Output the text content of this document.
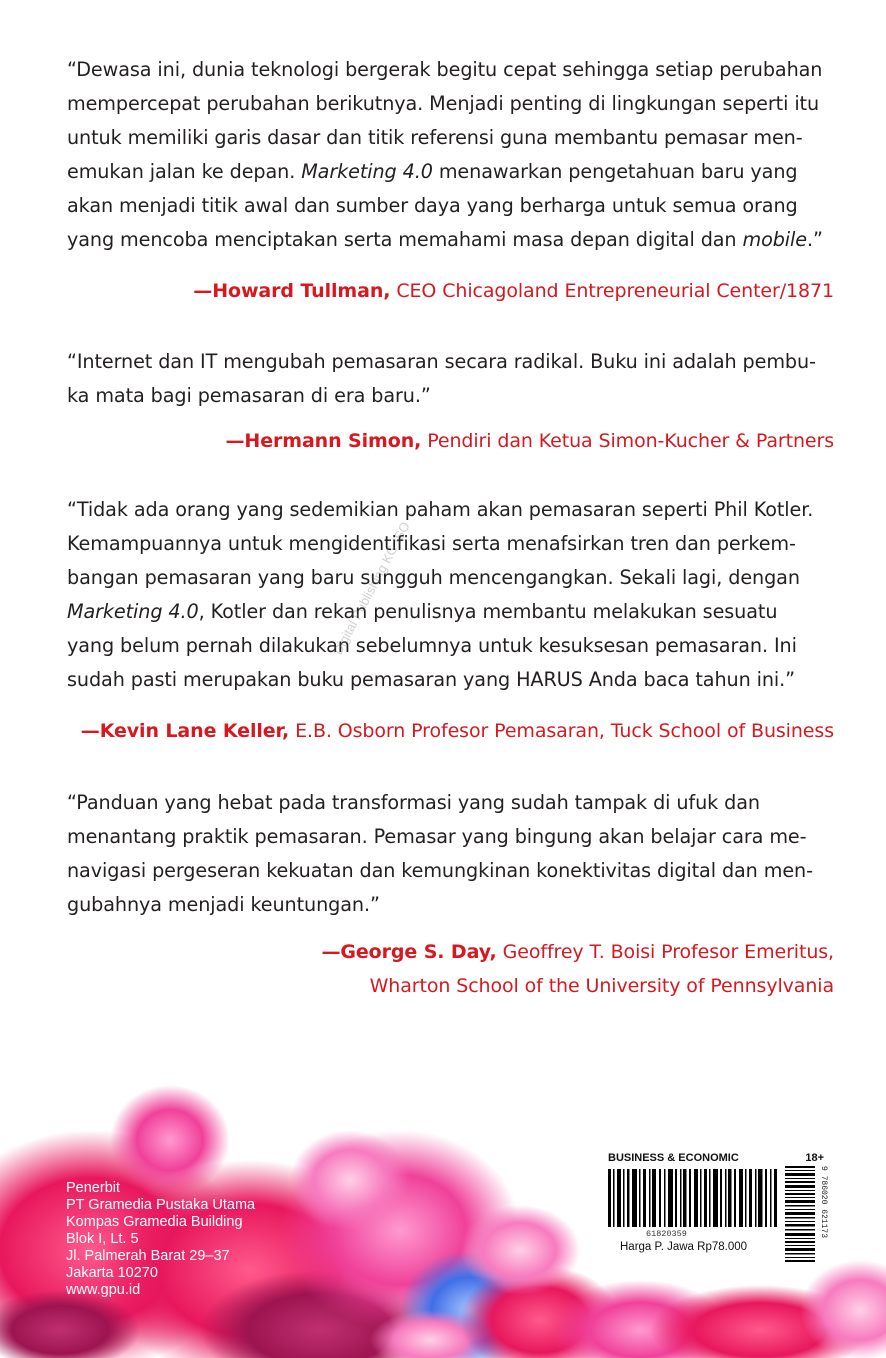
“Dewasa ini, dunia teknologi bergerak begitu cepat sehingga setiap perubahan
mempercepat perubahan berikutnya. Menjadi penting di lingkungan seperti itu
untuk memiliki garis dasar dan titik referensi guna membantu pemasar men-
emukan jalan ke depan. Marketing 4.0 menawarkan pengetahuan baru yang
akan menjadi titik awal dan sumber daya yang berharga untuk semua orang
yang mencoba menciptakan serta memahami masa depan digital dan mobile.”

—Howard Tullman, CEO Chicagoland Entrepreneurial Center/1871

“Internet dan IT mengubah pemasaran secara radikal. Buku ini adalah pembu-
ka mata bagi pemasaran di era baru.”

—Hermann Simon, Pendiri dan Ketua Simon-Kucher & Partners

“Tidak ada orang yang sedemikian paham akan pemasaran seperti Phil Kotler.
Kemampuannya untuk mengidentifikasi serta menafsirkan tren dan perkem-
bangan pemasaran yang baru sungguh mencengangkan. Sekali lagi, dengan
Marketing 4.0, Kotler dan rekan penulisnya membantu melakukan sesuatu
yang belum pernah dilakukan sebelumnya untuk kesuksesan pemasaran. Ini
sudah pasti merupakan buku pemasaran yang HARUS Anda baca tahun ini.”

—Kevin Lane Keller, E.B. Osborn Profesor Pemasaran, Tuck School of Business

“Panduan yang hebat pada transformasi yang sudah tampak di ufuk dan
menantang praktik pemasaran. Pemasar yang bingung akan belajar cara me-
navigasi pergeseran kekuatan dan kemungkinan konektivitas digital dan men-
gubahnya menjadi keuntungan.”

—George S. Day, Geoffrey T. Boisi Profesor Emeritus,
Wharton School of the University of Pennsylvania
Digital Publishing KG ISO
Penerbit
PT Gramedia Pustaka Utama
Kompas Gramedia Building
Blok I, Lt. 5
Jl. Palmerah Barat 29–37
Jakarta 10270
www.gpu.id
BUSINESS & ECONOMIC	18+
61820359	9 786020 621173
Harga P. Jawa Rp78.000
